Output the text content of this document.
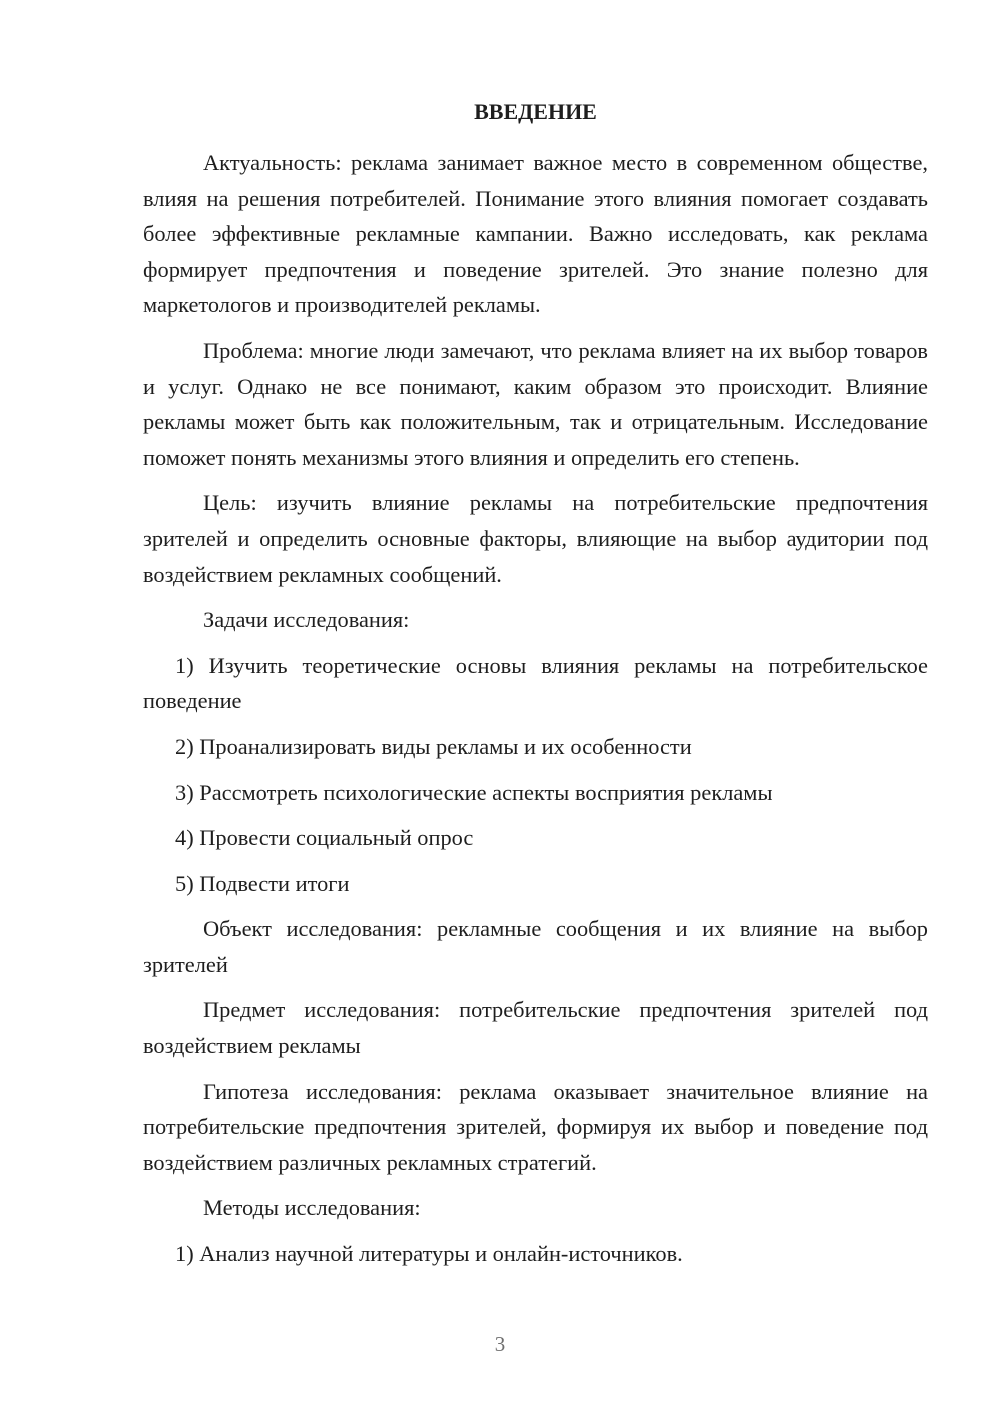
ВВЕДЕНИЕ

Актуальность: реклама занимает важное место в современном обществе, влияя на решения потребителей. Понимание этого влияния помогает создавать более эффективные рекламные кампании. Важно исследовать, как реклама формирует предпочтения и поведение зрителей. Это знание полезно для маркетологов и производителей рекламы.

Проблема: многие люди замечают, что реклама влияет на их выбор товаров и услуг. Однако не все понимают, каким образом это происходит. Влияние рекламы может быть как положительным, так и отрицательным. Исследование поможет понять механизмы этого влияния и определить его степень.

Цель: изучить влияние рекламы на потребительские предпочтения зрителей и определить основные факторы, влияющие на выбор аудитории под воздействием рекламных сообщений.

Задачи исследования:

1) Изучить теоретические основы влияния рекламы на потребительское поведение

2) Проанализировать виды рекламы и их особенности

3) Рассмотреть психологические аспекты восприятия рекламы

4) Провести социальный опрос

5) Подвести итоги

Объект исследования: рекламные сообщения и их влияние на выбор зрителей

Предмет исследования: потребительские предпочтения зрителей под воздействием рекламы

Гипотеза исследования: реклама оказывает значительное влияние на потребительские предпочтения зрителей, формируя их выбор и поведение под воздействием различных рекламных стратегий.

Методы исследования:

1) Анализ научной литературы и онлайн-источников.

3
